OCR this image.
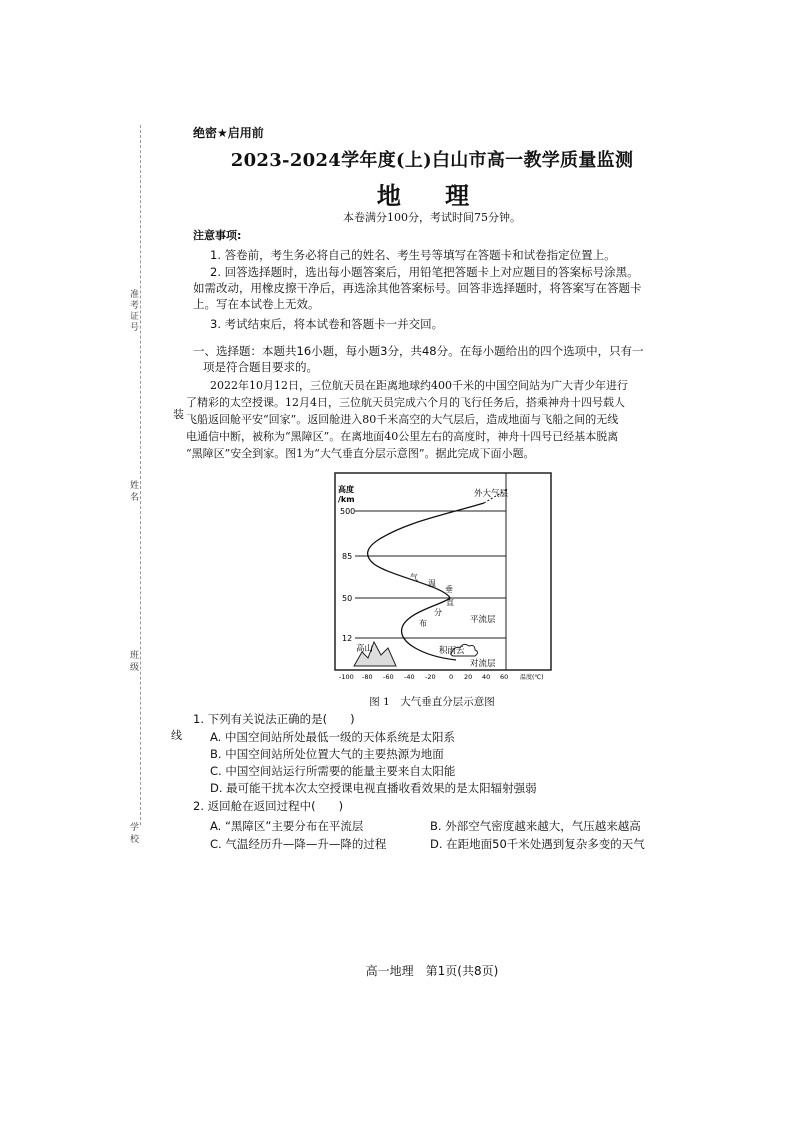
准考证号
姓名
班级
学校
装
线
绝密★启用前
2023-2024学年度(上)白山市高一教学质量监测
地 理
本卷满分100分，考试时间75分钟。
注意事项:
1. 答卷前，考生务必将自己的姓名、考生号等填写在答题卡和试卷指定位置上。
2. 回答选择题时，选出每小题答案后，用铅笔把答题卡上对应题目的答案标号涂黑。
如需改动，用橡皮擦干净后，再选涂其他答案标号。回答非选择题时，将答案写在答题卡
上。写在本试卷上无效。
3. 考试结束后，将本试卷和答题卡一并交回。
一、选择题：本题共16小题，每小题3分，共48分。在每小题给出的四个选项中，只有一
项是符合题目要求的。
2022年10月12日，三位航天员在距离地球约400千米的中国空间站为广大青少年进行
了精彩的太空授课。12月4日，三位航天员完成六个月的飞行任务后，搭乘神舟十四号载人
飞船返回舱平安“回家”。返回舱进入80千米高空的大气层后，造成地面与飞船之间的无线
电通信中断，被称为“黑障区”。在离地面40公里左右的高度时，神舟十四号已经基本脱离
“黑障区”安全到家。图1为“大气垂直分层示意图”。据此完成下面小题。
高度
/km
500
85
50
12
-100 -80 -60 -40 -20 0 20 40 60 温度(℃)
外大气层
平流层
积雨云
对流层
高山
气
温
垂
直
分
布
图 1　大气垂直分层示意图
1. 下列有关说法正确的是(　　)
A. 中国空间站所处最低一级的天体系统是太阳系
B. 中国空间站所处位置大气的主要热源为地面
C. 中国空间站运行所需要的能量主要来自太阳能
D. 最可能干扰本次太空授课电视直播收看效果的是太阳辐射强弱
2. 返回舱在返回过程中(　　)
A. “黑障区”主要分布在平流层	B. 外部空气密度越来越大，气压越来越高
C. 气温经历升—降—升—降的过程	D. 在距地面50千米处遇到复杂多变的天气
高一地理　第1页(共8页)
